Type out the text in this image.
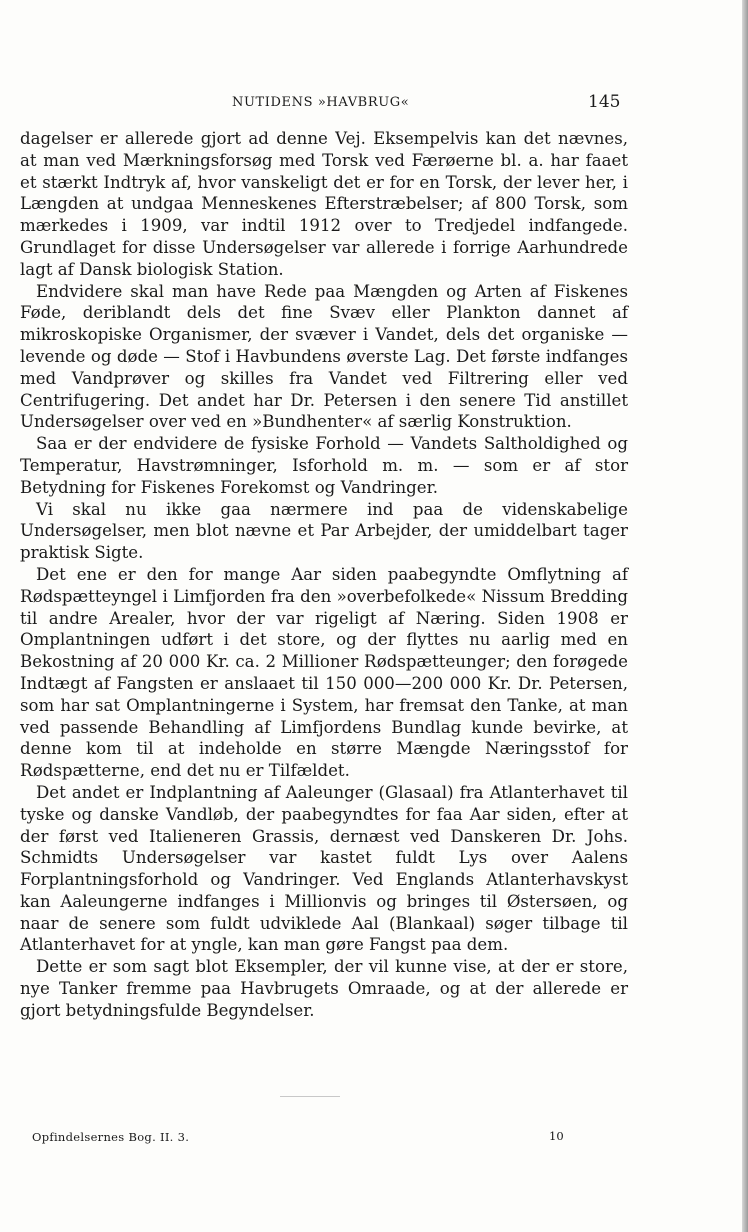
NUTIDENS »HAVBRUG«	145

dagelser er allerede gjort ad denne Vej. Eksempelvis kan det nævnes, at man ved Mærkningsforsøg med Torsk ved Færøerne bl. a. har faaet et stærkt Indtryk af, hvor vanskeligt det er for en Torsk, der lever her, i Længden at undgaa Menneskenes Efterstræbelser; af 800 Torsk, som mærkedes i 1909, var indtil 1912 over to Tredjedel indfangede. Grundlaget for disse Undersøgelser var allerede i forrige Aarhundrede lagt af Dansk biologisk Station.

Endvidere skal man have Rede paa Mængden og Arten af Fiskenes Føde, deriblandt dels det fine Svæv eller Plankton dannet af mikroskopiske Organismer, der svæver i Vandet, dels det organiske — levende og døde — Stof i Havbundens øverste Lag. Det første indfanges med Vandprøver og skilles fra Vandet ved Filtrering eller ved Centrifugering. Det andet har Dr. Petersen i den senere Tid anstillet Undersøgelser over ved en »Bundhenter« af særlig Konstruktion.

Saa er der endvidere de fysiske Forhold — Vandets Saltholdighed og Temperatur, Havstrømninger, Isforhold m. m. — som er af stor Betydning for Fiskenes Forekomst og Vandringer.

Vi skal nu ikke gaa nærmere ind paa de videnskabelige Undersøgelser, men blot nævne et Par Arbejder, der umiddelbart tager praktisk Sigte.

Det ene er den for mange Aar siden paabegyndte Omflytning af Rødspætteyngel i Limfjorden fra den »overbefolkede« Nissum Bredding til andre Arealer, hvor der var rigeligt af Næring. Siden 1908 er Omplantningen udført i det store, og der flyttes nu aarlig med en Bekostning af 20 000 Kr. ca. 2 Millioner Rødspætteunger; den forøgede Indtægt af Fangsten er anslaaet til 150 000—200 000 Kr. Dr. Petersen, som har sat Omplantningerne i System, har fremsat den Tanke, at man ved passende Behandling af Limfjordens Bundlag kunde bevirke, at denne kom til at indeholde en større Mængde Næringsstof for Rødspætterne, end det nu er Tilfældet.

Det andet er Indplantning af Aaleunger (Glasaal) fra Atlanterhavet til tyske og danske Vandløb, der paabegyndtes for faa Aar siden, efter at der først ved Italieneren Grassis, dernæst ved Danskeren Dr. Johs. Schmidts Undersøgelser var kastet fuldt Lys over Aalens Forplantningsforhold og Vandringer. Ved Englands Atlanterhavskyst kan Aaleungerne indfanges i Millionvis og bringes til Østersøen, og naar de senere som fuldt udviklede Aal (Blankaal) søger tilbage til Atlanterhavet for at yngle, kan man gøre Fangst paa dem.

Dette er som sagt blot Eksempler, der vil kunne vise, at der er store, nye Tanker fremme paa Havbrugets Omraade, og at der allerede er gjort betydningsfulde Begyndelser.

Opfindelsernes Bog. II. 3.	10
